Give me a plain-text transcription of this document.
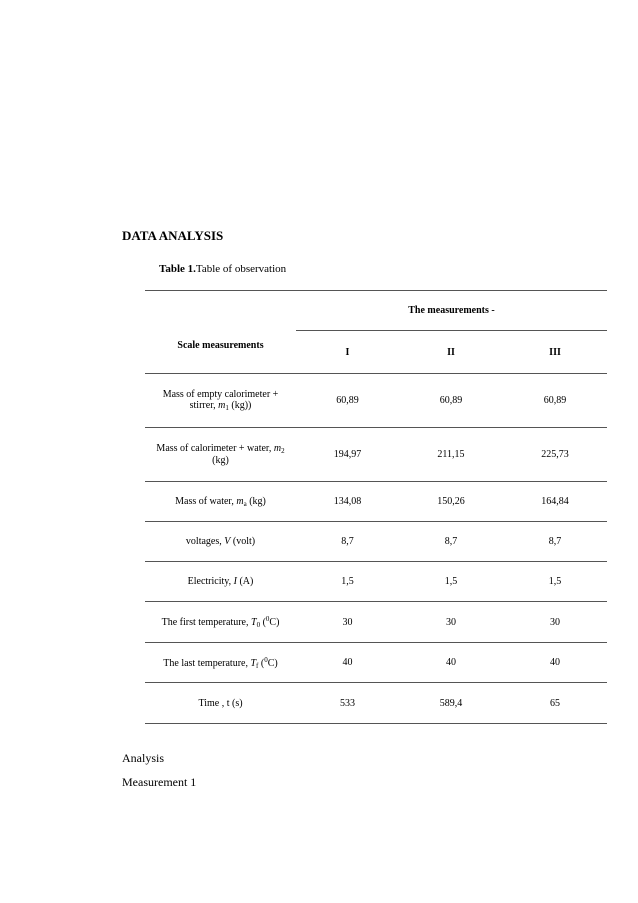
DATA ANALYSIS
Table 1.Table of observation
Scale measurements	The measurements -		
	I	II	III
Mass of empty calorimeter + stirrer, $m_1$ (kg))	60,89	60,89	60,89
Mass of calorimeter + water, $m_2$ (kg)	194,97	211,15	225,73
Mass of water, $m_a$ (kg)	134,08	150,26	164,84
voltages, V (volt)	8,7	8,7	8,7
Electricity, I (A)	1,5	1,5	1,5
The first temperature, $T_0$ ($^0$C)	30	30	30
The last temperature, $T_f$ ($^0$C)	40	40	40
Time , t (s)	533	589,4	65
Analysis
Measurement 1
